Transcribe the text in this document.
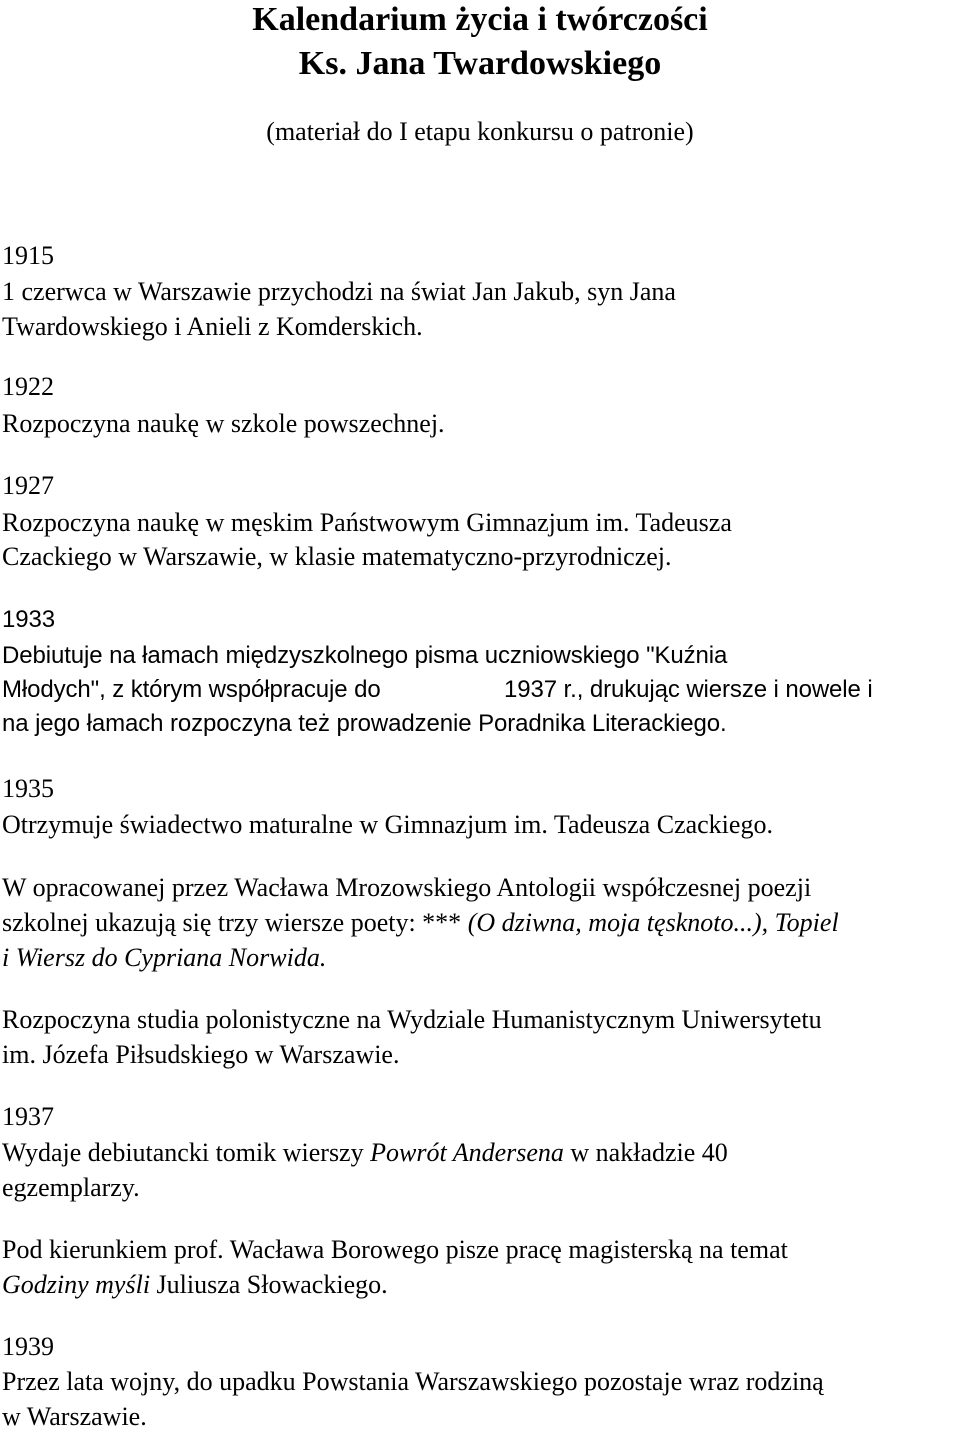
Kalendarium życia i twórczości
Ks. Jana Twardowskiego

(materiał do I etapu konkursu o patronie)

1915

1 czerwca w Warszawie przychodzi na świat Jan Jakub, syn Jana

Twardowskiego i Anieli z Komderskich.

1922

Rozpoczyna naukę w szkole powszechnej.

1927

Rozpoczyna naukę w męskim Państwowym Gimnazjum im. Tadeusza

Czackiego w Warszawie, w klasie matematyczno-przyrodniczej.

1933

Debiutuje na łamach międzyszkolnego pisma uczniowskiego "Kuźnia

Młodych", z którym współpracuje do	1937 r., drukując wiersze i nowele i

na jego łamach rozpoczyna też prowadzenie Poradnika Literackiego.

1935

Otrzymuje świadectwo maturalne w Gimnazjum im. Tadeusza Czackiego.

W opracowanej przez Wacława Mrozowskiego Antologii współczesnej poezji

szkolnej ukazują się trzy wiersze poety: *** (O dziwna, moja tęsknoto...), Topiel

i Wiersz do Cypriana Norwida.

Rozpoczyna studia polonistyczne na Wydziale Humanistycznym Uniwersytetu

im. Józefa Piłsudskiego w Warszawie.

1937

Wydaje debiutancki tomik wierszy Powrót Andersena w nakładzie 40

egzemplarzy.

Pod kierunkiem prof. Wacława Borowego pisze pracę magisterską na temat

Godziny myśli Juliusza Słowackiego.

1939

Przez lata wojny, do upadku Powstania Warszawskiego pozostaje wraz rodziną

w Warszawie.
